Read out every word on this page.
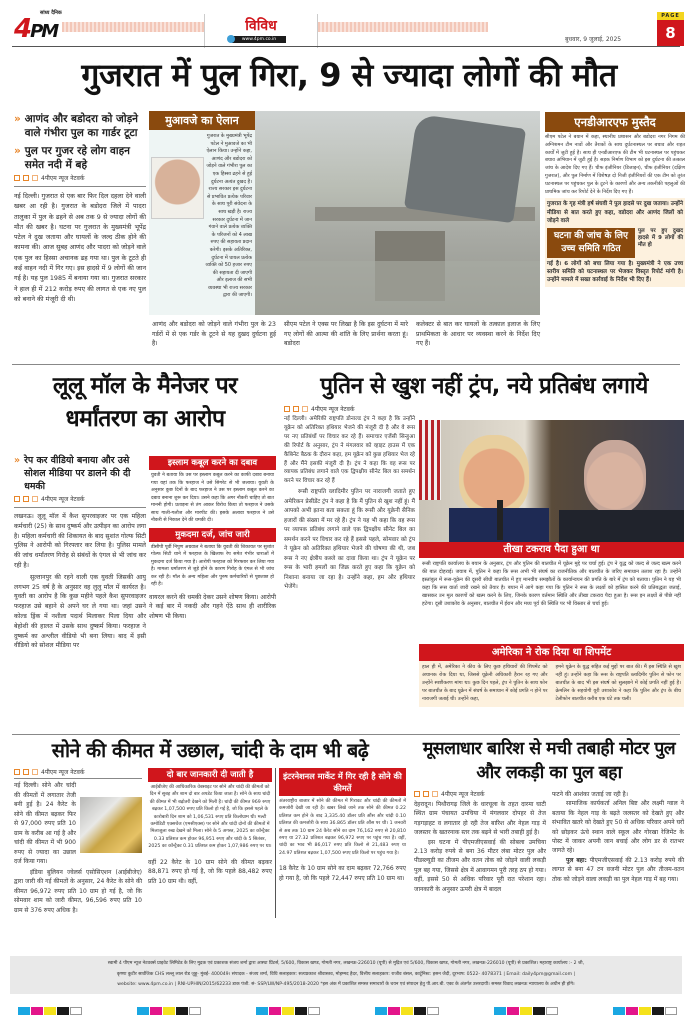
सांध्य दैनिक
4PM	विविध
www.4pm.co.in	बुधवार, 9 जुलाई, 2025
PAGE
8
गुजरात में पुल गिरा, 9 से ज्यादा लोगों की मौत
» आणंद और बडोदरा को जोड़ने वाले गंभीरा पुल का गार्डर टूटा
» पुल पर गुजर रहे लोग वाहन समेत नदी में बहे
4पीएम न्यूज नेटवर्क
नई दिल्ली। गुजरात से एक बार फिर दिल दहला देने वाली खबर आ रही है। गुजरात के बडोदरा जिले में पादरा तालुका में पुल के ढहने से अब तक 9 से ज्यादा लोगों की मौत की खबर है। घटना पर गुजरात के मुख्यमंत्री भूपेंद्र पटेल ने दुख जताया और घायलों के जल्द ठीक होने की कामना की। आज सुबह आणंद और पादरा को जोड़ने वाले एक पुल का हिस्सा अचानक ढह गया था। पुल के टूटते ही कई वाहन नदी में गिर गए। इस हादसे में 9 लोगों की जान गई है। यह पुल 1985 में बनाया गया था। गुजरात सरकार ने हाल ही में 212 करोड़ रुपए की लागत से एक नए पुल को बनाने की मंजूरी दी थी।
मुआवजे का ऐलान
गुजरात के मुख्यमंत्री भूपेंद्र पटेल ने मुआवजे का भी ऐलान किया। उन्होंने कहा, आणंद और बडोदरा को जोड़ने वाले गंभीरा पुल का एक हिस्सा ढहने से हुई दुर्घटना अत्यंत दुखद है। राज्य सरकार इस दुर्घटना से प्रभावित प्रत्येक परिवार के साथ पूरी संवेदना के साथ खड़ी है। राज्य सरकार दुर्घटना में जान गंवाने वाले प्रत्येक व्यक्ति के परिजनों को 4 लाख रुपए की सहायता प्रदान करेगी। इसके अतिरिक्त, दुर्घटना में घायल प्रत्येक व्यक्ति को 50 हजार रुपए की सहायता दी जाएगी और इलाज की सभी व्यवस्था भी राज्य सरकार द्वारा की जाएगी।
आणंद और बडोदरा को जोड़ने वाले गंभीरा पुल के 23 गर्डरों में से एक गर्डर के टूटने से यह दुखद दुर्घटना हुई है।
सीएम पटेल ने एक्स पर लिखा है कि इस दुर्घटना में मारे गए लोगों की आत्मा की शांति के लिए प्रार्थना करता हूं। बडोदरा
कलेक्टर से बात कर घायलों के तत्काल इलाज के लिए प्राथमिकता के आधार पर व्यवस्था करने के निर्देश दिए गए हैं।
एनडीआरएफ मुस्तैद
सीएम पटेल ने बयान में कहा, स्थानीय प्रशासन और बडोदरा नगर निगम की अग्निशमन टीम नावों और तैराकों के साथ दुर्घटनास्थल पर बचाव और राहत कार्यों में जुटी हुई है। साथ ही एनडीआरएफ की टीम भी घटनास्थल पर पहुंचकर बचाव अभियान में जुटी हुई है। सड़क निर्माण विभाग को इस दुर्घटना की तत्काल जांच के आदेश दिए गए हैं। चीफ इंजीनियर (डिजाइन), चीफ इंजीनियर (दक्षिण गुजरात), और पुल निर्माण में विशेषज्ञ दो निजी इंजीनियरों की एक टीम को तुरंत घटनास्थल पर पहुंचकर पुल के टूटने के कारणों और अन्य तकनीकी पहलुओं की प्राथमिक जांच कर रिपोर्ट देने के निर्देश दिए गए हैं।
गुजरात के गृह मंत्री हर्ष संघवी ने पुल हादसे पर दुख जताया। उन्होंने मीडिया से बात करते हुए कहा, वडोदरा और आणंद जिलों को जोड़ने वाले
घटना की जांच के लिए उच्च समिति गठित
पुल पर हुए दुखद हादसे में 9 लोगों की मौत हो
गई है। 6 लोगों को बचा लिया गया है। मुख्यमंत्री ने एक उच्च स्तरीय समिति को घटनास्थल पर भेजकर विस्तृत रिपोर्ट मांगी है। उन्होंने मामले में सख्त कार्रवाई के निर्देश भी दिए हैं।
लूलू मॉल के मैनेजर पर धर्मांतरण का आरोप
» रेप कर वीडियो बनाया और उसे सोशल मीडिया पर डालने की दी धमकी
4पीएम न्यूज नेटवर्क
लखनऊ। लूलू मॉल में कैश सुपरवाइजर पर एक महिला कर्मचारी (25) के साथ दुष्कर्म और उत्पीड़न का आरोप लगा है। महिला कर्मचारी की शिकायत के बाद सुशांत गोल्फ सिटी पुलिस ने आरोपी को गिरफ्तार कर लिया है। पुलिस मामले की जांच धर्मांतरण गिरोह से संबंधों के एंगल से भी जांच कर रही है।
सुल्तानपुर की रहने वाली एक युवती जिसकी आयु लगभग 25 वर्ष है के अनुसार वह लुलु मॉल में कार्यरत है। युवती का आरोप है कि कुछ महीने पहले कैश सुपरवाइजर फरहाज उसे बहाने से अपने घर ले गया था। जहां उसने कोल्ड ड्रिंक में नशीला पदार्थ मिलाकर पिला दिया और बेहोशी की हालत में उसके साथ दुष्कर्म किया। फरहाज ने दुष्कर्म का अश्लील वीडियो भी बना लिया। बाद में इसी वीडियो को सोशल मीडिया पर
इस्लाम कबूल करने का दबाव
युवती ने बताया कि उस पर इस्लाम कबूल करने का काफी दबाव बनाया गया यहां तक कि फरहाज ने उसे सिगरेट से भी जलाया। युवती के अनुसार कुछ दिनों के बाद फरहाज ने उस पर इस्लाम कबूल करने का दबाव बनाना शुरू कर दिया। उसने कहा कि अगर नौकरी चाहिए तो बात माननी होगी। प्रताड़ना से तंग आकर विरोध किया तो फरहाज ने उसके साथ गाली-गलौज और मारपीट की। इसके अलावा फरहाज ने उसे नौकरी से निकाल देने की धमकी दी।
मुकदमा दर्ज, जांच जारी
डीसीपी पूर्वी निपुण अग्रवाल ने बताया कि युवती की शिकायत पर सुशांत गोल्फ सिटी थाने में फरहाज के खिलाफ रेप समेत गंभीर धाराओं में मुकदमा दर्ज किया गया है। आरोपी फरहाज को गिरफ्तार कर लिया गया है। मामला धर्मांतरण से जुड़े होने के कारण गिरोह के एंगल से भी जांच कर रही है। मॉल के अन्य महिला और पुरुष कर्मचारियों से पूछताछ हो रही है।
वायरल करने की धमकी देकर उसने शोषण किया। आरोपी ने कई बार में नकदी और गहने ऐंठे साथ ही शारीरिक शोषण भी किया।
पुतिन से खुश नहीं ट्रंप, नये प्रतिबंध लगाये
4पीएम न्यूज नेटवर्क
नई दिल्ली। अमेरिकी राष्ट्रपति डोनाल्ड ट्रंप ने कहा है कि उन्होंने यूक्रेन को अतिरिक्त हथियार भेजने की मंजूरी दी है और वे रूस पर नए प्रतिबंधों पर विचार कर रहे हैं। समाचार एजेंसी सिन्हुआ की रिपोर्ट के अनुसार, ट्रंप ने मंगलवार को व्हाइट हाउस में एक कैबिनेट बैठक के दौरान कहा, हम यूक्रेन को कुछ हथियार भेज रहे हैं और मैंने इसकी मंजूरी दी है। ट्रंप ने कहा कि वह रूस पर व्यापक प्रतिबंध लगाने वाले एक द्विपक्षीय सीनेट बिल का समर्थन करने पर विचार कर रहे हैं
रूसी राष्ट्रपति व्लादिमीर पुतिन पर नाराजगी जताते हुए अमेरिकन प्रेसीडेंट ट्रंप ने कहा है कि मैं पुतिन से खुश नहीं हूं। मैं आपको अभी इतना बता सकता हूं कि रूसी और यूक्रेनी सैनिक हजारों की संख्या में मर रहे हैं। ट्रंप ने यह भी कहा कि वह रूस पर व्यापक प्रतिबंध लगाने वाले एक द्विपक्षीय सीनेट बिल का समर्थन करने पर विचार कर रहे हैं इससे पहले, सोमवार को ट्रंप ने यूक्रेन को अतिरिक्त हथियार भेजने की घोषणा की थी, जब रूस ने नए क्षेत्रीय कब्जे का दावा किया था। ट्रंप ने यूक्रेन पर रूस के भारी हमलों का जिक्र करते हुए कहा कि यूक्रेन को निशाना बनाया जा रहा है। उन्होंने कहा, हम और हथियार भेजेंगे।
तीखा टकराव पैदा हुआ था
रूसी राष्ट्रपति कार्यालय के बयान के अनुसार, ट्रंप और पुतिन की बातचीत में यूक्रेन मुद्दे पर चर्चा हुई। ट्रंप ने युद्ध को जल्द से जल्द खत्म करने की बात दोहराई। जवाब में, पुतिन ने कहा कि रूस अभी भी संघर्ष का राजनीतिक और बातचीत के जरिए समाधान तलाश रहा है। उन्होंने इस्तांबुल में रूस-यूक्रेन की दूसरी सीधी बातचीत में हुए मानवीय समझौतों के कार्यान्वयन की प्रगति के बारे में ट्रंप को बताया। पुतिन ने यह भी कहा कि रूस वार्ता जारी रखने को तैयार है। बयान में आगे कहा गया कि पुतिन ने रूस के लक्ष्यों को हासिल करने की प्रतिबद्धता जताई, खासकर उन मूल कारणों को खत्म करने के लिए, जिनके कारण वर्तमान स्थिति और तीखा टकराव पैदा हुआ है। रूस इन लक्ष्यों से पीछे नहीं हटेगा। दूसी उशाकोव के अनुसार, बातचीत में ईरान और मध्य पूर्व की स्थिति पर भी विस्तार से चर्चा हुई।
अमेरिका ने रोक दिया था शिपमेंट
हाल ही में, अमेरिका ने कीव के लिए कुछ हथियारों की शिपमेंट को अचानक रोक दिया था, जिससे यूक्रेनी अधिकारी हैरान रह गए और उन्होंने स्पष्टीकरण मांगा था। कुछ दिन पहले, ट्रंप ने पुतिन के साथ फोन पर बातचीत के बाद यूक्रेन में संघर्ष के समाधान में कोई प्रगति न होने पर नाराजगी जताई थी। उन्होंने कहा,
हमने यूक्रेन के युद्ध सहित कई मुद्दों पर बात की। मैं इस स्थिति से खुश नहीं हूं। उन्होंने कहा कि रूस के राष्ट्रपति व्लादिमीर पुतिन से फोन पर बातचीत के बाद भी इस संघर्ष को सुलझाने में कोई प्रगति नहीं हुई है। क्रेमलिन के सहयोगी यूरी उशाकोव ने कहा कि पुतिन और ट्रंप के बीच टेलीफोन बातचीत करीब एक घंटे तक चली।
सोने की कीमत में उछाल, चांदी के दाम भी बढ़े
4पीएम न्यूज नेटवर्क
नई दिल्ली। सोने और चांदी की कीमतों में लगातार तेजी बनी हुई है। 24 कैरेट के सोने की कीमत बढ़कर फिर से 97,000 रुपए प्रति 10 ग्राम के करीब आ गई है और चांदी की कीमत में भी 900 रुपए से ज्यादा का उछाल दर्ज किया गया।
इंडिया बुलियन ज्वेलर्स एसोसिएशन (आईबीजेए) द्वारा जारी की गई कीमतों के अनुसार, 24 कैरेट के सोने की कीमत 96,972 रुपए प्रति 10 ग्राम हो गई है, जो कि सोमवार शाम को जारी कीमत, 96,596 रुपए प्रति 10 ग्राम से 376 रुपए अधिक है।
दो बार जानकारी दी जाती है
आईबीजेए की आधिकारिक वेबसाइट पर सोने और चांदी की कीमतों को दिन में सुबह और शाम दो बार अपडेट किया जाता है। सोने के साथ चांदी की कीमत में भी बढ़ोतरी देखने को मिली है। चांदी की कीमत 969 रुपए बढ़कर 1,07,500 रुपए प्रति किलो हो गई है, जो कि इससे पहले के कारोबारी दिन शाम को 1,06,531 रुपए प्रति किलोग्राम थी। मल्टी कमोडिटी एक्सचेंज (एमसीएक्स) पर सोने और चांदी दोनों की कीमतों में मिलाजुला रुख देखने को मिला। सोने के 5 अगस्त, 2025 का कॉन्ट्रैक्ट 0.33 प्रतिशत कम होकर 96,951 रुपए और चांदी के 5 सितंबर, 2025 का कॉन्ट्रैक्ट 0.31 प्रतिशत कम होकर 1,07,986 रुपए पर था।
वहीं 22 कैरेट के 10 ग्राम सोने की कीमत बढ़कर 88,871 रुपए हो गई है, जो कि पहले 88,482 रुपए प्रति 10 ग्राम थी। वहीं,
इंटरनेशनल मार्केट में गिर रही है सोने की कीमतें
अंतरराष्ट्रीय बाजार में सोने की कीमत में गिरावट और चांदी की कीमतों में कमजोरी देखी जा रही है। खबर लिखे जाने तक सोने की कीमत 0.22 प्रतिशत कम होने के बाद 3,335.40 डॉलर प्रति औंस और चांदी 0.10 प्रतिशत की कमजोरी के साथ 36.865 डॉलर प्रति औंस पर थी। 1 जनवरी से अब तक 10 ग्राम 24 कैरेट सोने का दाम 76,162 रुपए से 20,810 रुपए या 27.32 प्रतिशत बढ़कर 96,972 रुपए पर पहुंच गया है। वहीं, चांदी का भाव भी 86,017 रुपए प्रति किलो से 21,483 रुपए या 24.97 प्रतिशत बढ़कर 1,07,500 रुपए प्रति किलो पर पहुंच गया है।
18 कैरेट के 10 ग्राम सोने का दाम बढ़कर 72,766 रुपए हो गया है, जो कि पहले 72,447 रुपए प्रति 10 ग्राम था।
मूसलाधार बारिश से मची तबाही मोटर पुल और लकड़ी का पुल बहा
4पीएम न्यूज नेटवर्क
देहरादून। पिथौरागढ़ जिले के धारचूला के तहत दारमा घाटी स्थित ग्राम पंचायत उमचिया में मंगलवार दोपहर से तेज गड़गड़ाहट व लगातार हो रही तेज बारिश और नेहल गाड़ में जलस्तर के खतरनाक स्तर तक बढ़ने से भारी तबाही हुई है।
इस घटना में पीएमजीएसवाई की सोबला उमचिया 2.13 करोड़ रुपये से बना 36 मीटर लंबा मोटर पुल और पीडब्ल्यूडी का तीजम और वतन तोक को जोड़ने वाली लकड़ी पुल बह गया, जिससे क्षेत्र में आवागमन पूरी तरह ठप हो गया। वहीं, इससे 50 से अधिक परिवार पूरी रात परेशान रहा। जानकारी के अनुसार ऊपरी क्षेत्र में बादल
फटने की आशंका जताई जा रही है।
सामाजिक कार्यकर्ता अनिल बिष्ट और लक्ष्मी ग्वाल ने बताया कि नेहल गाड़ के बढ़ते जलस्तर को देखते हुए और संभावित खतरे को देखते हुए 50 से अधिक परिवार अपने घरों को छोड़कर ऊंचे स्थान वाले स्कूल और गोरखा रेजिमेंट के पोस्ट में जाकर अपनी जान बचाई और लोग डर से रातभर जागते रहे।
पुल बहा: पीएमजीएसवाई की 2.13 करोड़ रुपये की लागत से बना 47 टन वजनी मोटर पुल और तीजम-वतन तोक को जोड़ने वाला लकड़ी का पुल नेहल गाड़ में बह गया।
स्वामी 4 पीएम न्यूज नेटवर्क्स प्राइवेट लिमिटेड के लिए मुद्रक एवं प्रकाशक संजय शर्मा द्वारा आस्था प्रिंटर्स, 5/600, विकास खण्ड, गोमती नगर, लखनऊ-226010 (यूपी) से मुद्रित एवं 5/600, विकास खण्ड, गोमती नगर, लखनऊ-226010 (यूपी) से प्रकाशित। महाराष्ट्र कार्यालय :- 2 जी,
कृष्णा कुटीर सार्वजिक CHS लल्लू लाल रोड जुहू- मुंबई- 400049। संपादक - संजय शर्मा, विधि सलाहकार: सत्यप्रकाश श्रीवास्तव, मोहम्मद हैदर, वित्तीय सलाहकार: राजीव बंसल, कार्टूनिस्ट: हसन जैदी, दूरभाष: 0522- 4078371 | Email: daily4pm@gmail.com |
website: www.4pm.co.in | RNI-UPHIN/2015/62233 डाक पंजी. सं- SSP/LW/NP-495/2018-2020 *इस अंक में प्रकाशित समस्त समाचारों के चयन एवं संपादन हेतु पी.आर.बी. एक्ट के अंतर्गत उत्तरदायी। समस्त विवाद लखनऊ न्यायालय के अधीन ही होंगे।
